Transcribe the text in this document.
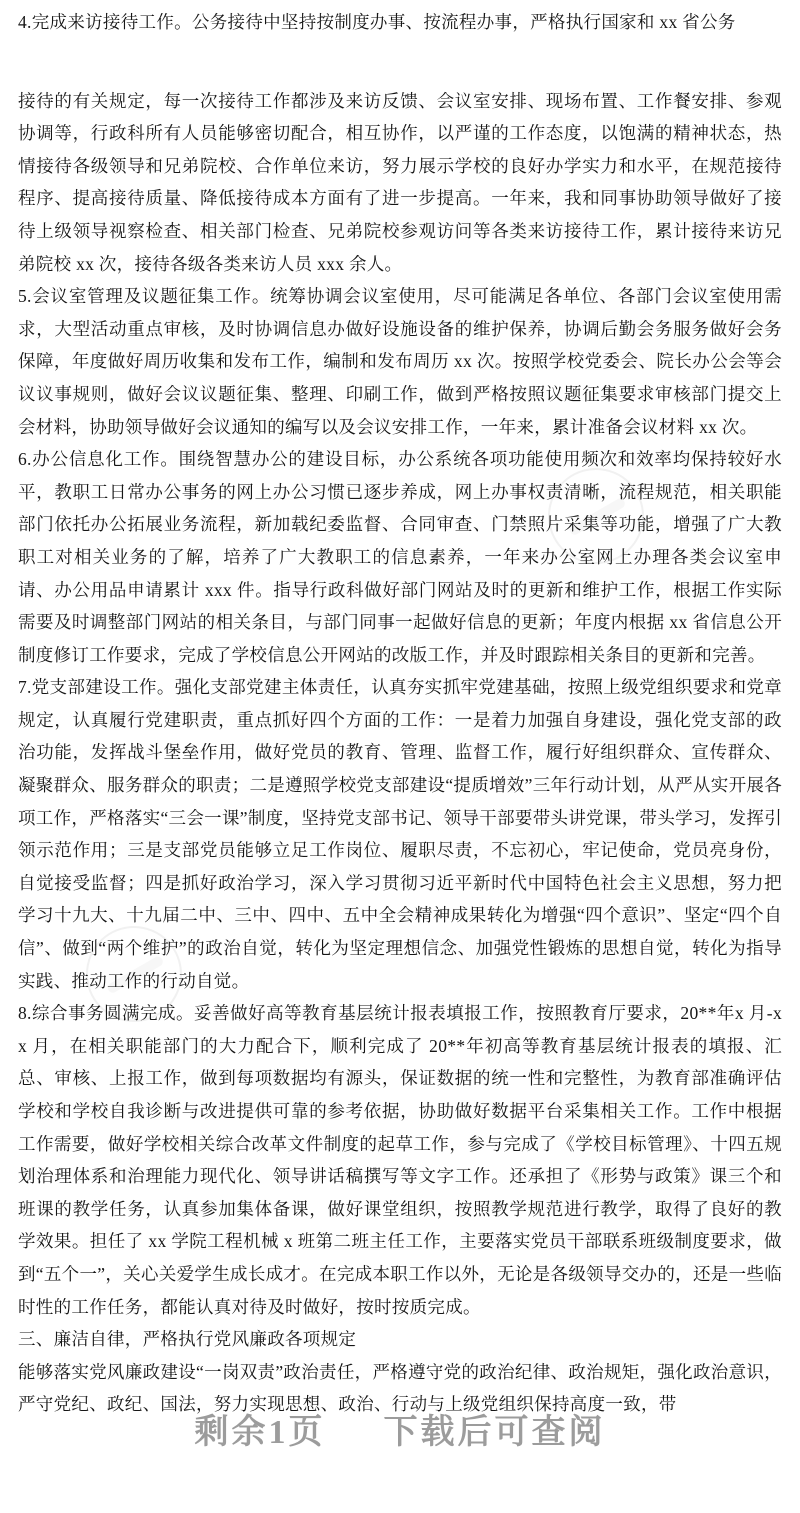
4.完成来访接待工作。公务接待中坚持按制度办事、按流程办事，严格执行国家和 xx 省公务

接待的有关规定，每一次接待工作都涉及来访反馈、会议室安排、现场布置、工作餐安排、参观协调等，行政科所有人员能够密切配合，相互协作，以严谨的工作态度，以饱满的精神状态，热情接待各级领导和兄弟院校、合作单位来访，努力展示学校的良好办学实力和水平，在规范接待程序、提高接待质量、降低接待成本方面有了进一步提高。一年来，我和同事协助领导做好了接待上级领导视察检查、相关部门检查、兄弟院校参观访问等各类来访接待工作，累计接待来访兄弟院校 xx 次，接待各级各类来访人员 xxx 余人。

5.会议室管理及议题征集工作。统筹协调会议室使用，尽可能满足各单位、各部门会议室使用需求，大型活动重点审核，及时协调信息办做好设施设备的维护保养，协调后勤会务服务做好会务保障，年度做好周历收集和发布工作，编制和发布周历 xx 次。按照学校党委会、院长办公会等会议议事规则，做好会议议题征集、整理、印刷工作，做到严格按照议题征集要求审核部门提交上会材料，协助领导做好会议通知的编写以及会议安排工作，一年来，累计准备会议材料 xx 次。

6.办公信息化工作。围绕智慧办公的建设目标，办公系统各项功能使用频次和效率均保持较好水平，教职工日常办公事务的网上办公习惯已逐步养成，网上办事权责清晰，流程规范，相关职能部门依托办公拓展业务流程，新加载纪委监督、合同审查、门禁照片采集等功能，增强了广大教职工对相关业务的了解，培养了广大教职工的信息素养，一年来办公室网上办理各类会议室申请、办公用品申请累计 xxx 件。指导行政科做好部门网站及时的更新和维护工作，根据工作实际需要及时调整部门网站的相关条目，与部门同事一起做好信息的更新；年度内根据 xx 省信息公开制度修订工作要求，完成了学校信息公开网站的改版工作，并及时跟踪相关条目的更新和完善。

7.党支部建设工作。强化支部党建主体责任，认真夯实抓牢党建基础，按照上级党组织要求和党章规定，认真履行党建职责，重点抓好四个方面的工作：一是着力加强自身建设，强化党支部的政治功能，发挥战斗堡垒作用，做好党员的教育、管理、监督工作，履行好组织群众、宣传群众、凝聚群众、服务群众的职责；二是遵照学校党支部建设“提质增效”三年行动计划，从严从实开展各项工作，严格落实“三会一课”制度，坚持党支部书记、领导干部要带头讲党课，带头学习，发挥引领示范作用；三是支部党员能够立足工作岗位、履职尽责，不忘初心，牢记使命，党员亮身份，自觉接受监督；四是抓好政治学习，深入学习贯彻习近平新时代中国特色社会主义思想，努力把学习十九大、十九届二中、三中、四中、五中全会精神成果转化为增强“四个意识”、坚定“四个自信”、做到“两个维护”的政治自觉，转化为坚定理想信念、加强党性锻炼的思想自觉，转化为指导实践、推动工作的行动自觉。

8.综合事务圆满完成。妥善做好高等教育基层统计报表填报工作，按照教育厅要求，20**年x 月-xx 月，在相关职能部门的大力配合下，顺利完成了 20**年初高等教育基层统计报表的填报、汇总、审核、上报工作，做到每项数据均有源头，保证数据的统一性和完整性，为教育部准确评估学校和学校自我诊断与改进提供可靠的参考依据，协助做好数据平台采集相关工作。工作中根据工作需要，做好学校相关综合改革文件制度的起草工作，参与完成了《学校目标管理》、十四五规划治理体系和治理能力现代化、领导讲话稿撰写等文字工作。还承担了《形势与政策》课三个和班课的教学任务，认真参加集体备课，做好课堂组织，按照教学规范进行教学，取得了良好的教学效果。担任了 xx 学院工程机械 x 班第二班主任工作，主要落实党员干部联系班级制度要求，做到“五个一”，关心关爱学生成长成才。在完成本职工作以外，无论是各级领导交办的，还是一些临时性的工作任务，都能认真对待及时做好，按时按质完成。

三、廉洁自律，严格执行党风廉政各项规定

能够落实党风廉政建设“一岗双责”政治责任，严格遵守党的政治纪律、政治规矩，强化政治意识，严守党纪、政纪、国法，努力实现思想、政治、行动与上级党组织保持高度一致，带

剩余1页 下载后可查阅
